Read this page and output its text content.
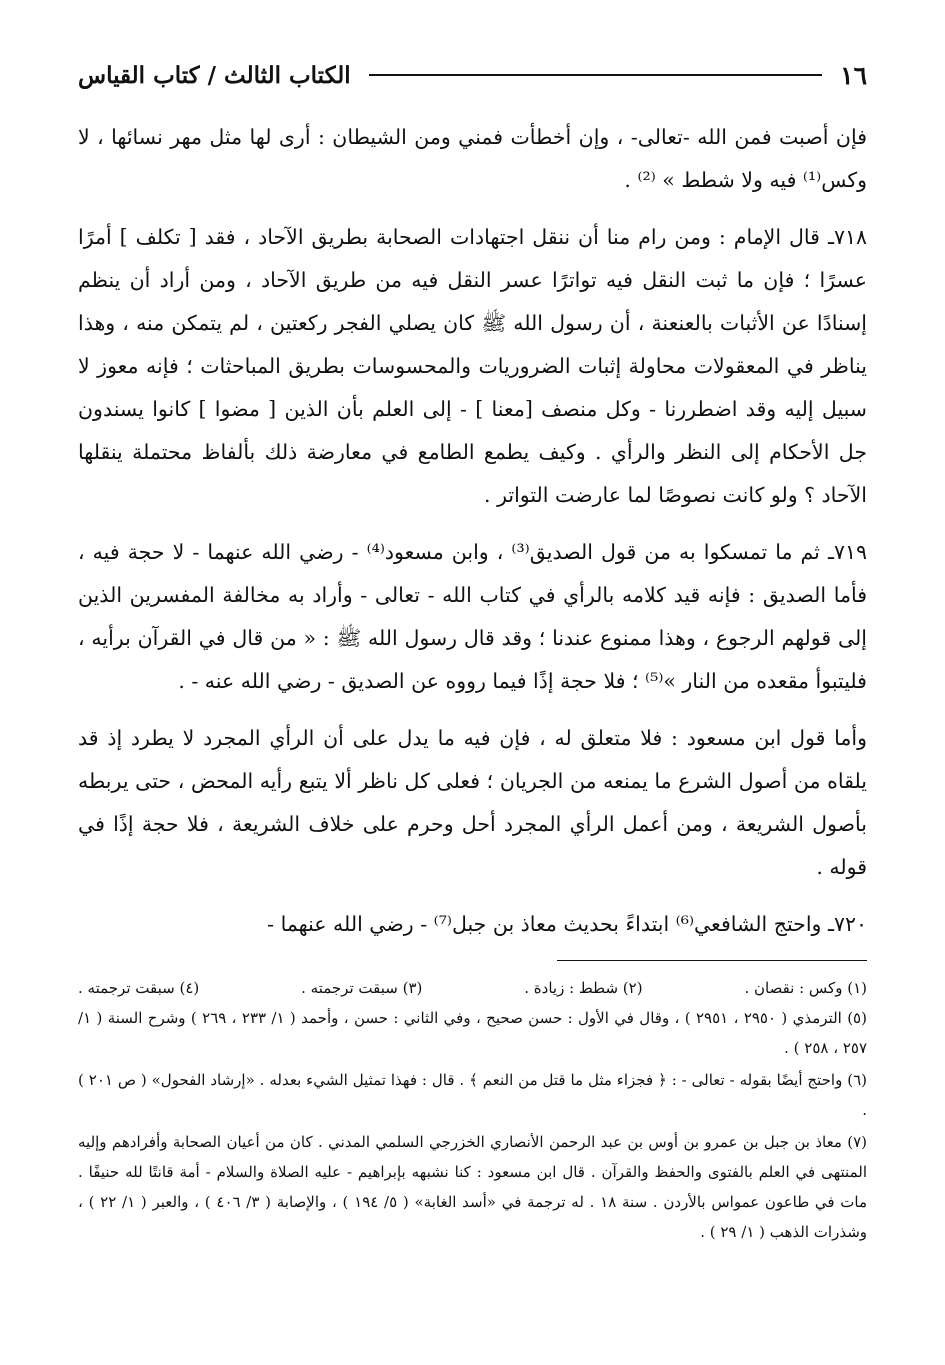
١٦
الكتاب الثالث / كتاب القياس

فإن أصبت فمن الله -تعالى- ، وإن أخطأت فمني ومن الشيطان : أرى لها مثل مهر نسائها ، لا وكس⁽¹⁾ فيه ولا شطط » ⁽²⁾ .

٧١٨ـ قال الإمام : ومن رام منا أن ننقل اجتهادات الصحابة بطريق الآحاد ، فقد [ تكلف ] أمرًا عسرًا ؛ فإن ما ثبت النقل فيه تواترًا عسر النقل فيه من طريق الآحاد ، ومن أراد أن ينظم إسنادًا عن الأثبات بالعنعنة ، أن رسول الله ﷺ كان يصلي الفجر ركعتين ، لم يتمكن منه ، وهذا يناظر في المعقولات محاولة إثبات الضروريات والمحسوسات بطريق المباحثات ؛ فإنه معوز لا سبيل إليه وقد اضطررنا - وكل منصف [معنا ] - إلى العلم بأن الذين [ مضوا ] كانوا يسندون جل الأحكام إلى النظر والرأي . وكيف يطمع الطامع في معارضة ذلك بألفاظ محتملة ينقلها الآحاد ؟ ولو كانت نصوصًا لما عارضت التواتر .

٧١٩ـ ثم ما تمسكوا به من قول الصديق⁽³⁾ ، وابن مسعود⁽⁴⁾ - رضي الله عنهما - لا حجة فيه ، فأما الصديق : فإنه قيد كلامه بالرأي في كتاب الله - تعالى - وأراد به مخالفة المفسرين الذين إلى قولهم الرجوع ، وهذا ممنوع عندنا ؛ وقد قال رسول الله ﷺ : « من قال في القرآن برأيه ، فليتبوأ مقعده من النار »⁽⁵⁾ ؛ فلا حجة إذًا فيما رووه عن الصديق - رضي الله عنه - .

وأما قول ابن مسعود : فلا متعلق له ، فإن فيه ما يدل على أن الرأي المجرد لا يطرد إذ قد يلقاه من أصول الشرع ما يمنعه من الجريان ؛ فعلى كل ناظر ألا يتبع رأيه المحض ، حتى يربطه بأصول الشريعة ، ومن أعمل الرأي المجرد أحل وحرم على خلاف الشريعة ، فلا حجة إذًا في قوله .

٧٢٠ـ واحتج الشافعي⁽⁶⁾ ابتداءً بحديث معاذ بن جبل⁽⁷⁾ - رضي الله عنهما -

(١) وكس : نقصان .
(٢) شطط : زيادة .
(٣) سبقت ترجمته .
(٤) سبقت ترجمته .

(٥) الترمذي ( ٢٩٥٠ ، ٢٩٥١ ) ، وقال في الأول : حسن صحيح ، وفي الثاني : حسن ، وأحمد ( ١/ ٢٣٣ ، ٢٦٩ ) وشرح السنة ( ١/ ٢٥٧ ، ٢٥٨ ) .

(٦) واحتج أيضًا بقوله - تعالى - : ﴿ فجزاء مثل ما قتل من النعم ﴾ . قال : فهذا تمثيل الشيء بعدله . «إرشاد الفحول» ( ص ٢٠١ ) .

(٧) معاذ بن جبل بن عمرو بن أوس بن عبد الرحمن الأنصاري الخزرجي السلمي المدني . كان من أعيان الصحابة وأفرادهم وإليه المنتهى في العلم بالفتوى والحفظ والقرآن . قال ابن مسعود : كنا نشبهه بإبراهيم - عليه الصلاة والسلام - أمة قانتًا لله حنيفًا . مات في طاعون عمواس بالأردن . سنة ١٨ . له ترجمة في «أسد الغابة» ( ٥/ ١٩٤ ) ، والإصابة ( ٣/ ٤٠٦ ) ، والعبر ( ١/ ٢٢ ) ، وشذرات الذهب ( ١/ ٢٩ ) .
